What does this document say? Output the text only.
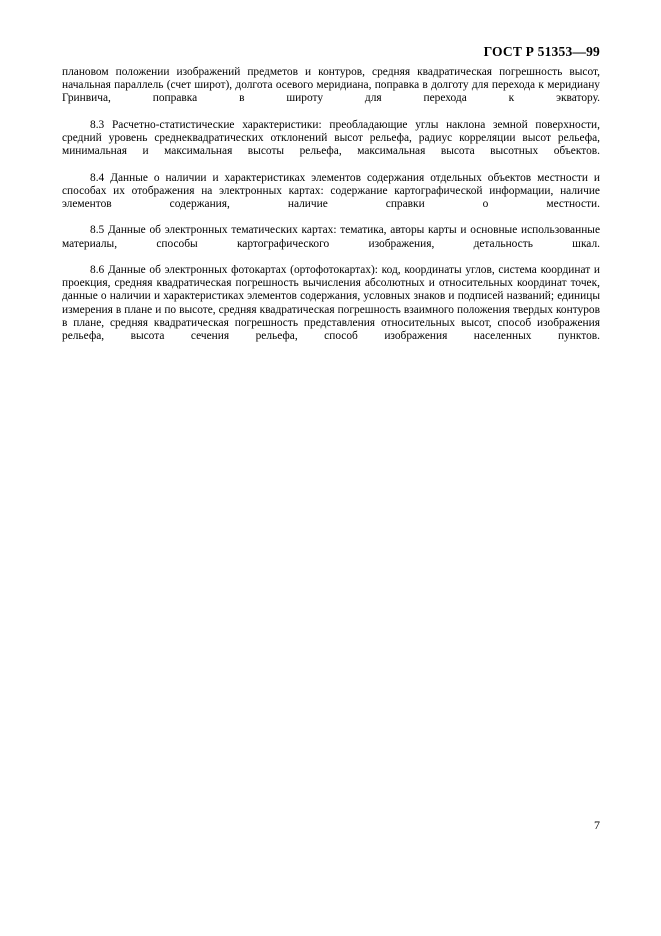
ГОСТ Р 51353—99

плановом положении изображений предметов и контуров, средняя квадратическая погрешность высот, начальная параллель (счет широт), долгота осевого меридиана, поправка в долготу для перехода к меридиану Гринвича, поправка в широту для перехода к экватору.

8.3 Расчетно-статистические характеристики: преобладающие углы наклона земной поверхности, средний уровень среднеквадратических отклонений высот рельефа, радиус корреляции высот рельефа, минимальная и максимальная высоты рельефа, максимальная высота высотных объектов.

8.4 Данные о наличии и характеристиках элементов содержания отдельных объектов местности и способах их отображения на электронных картах: содержание картографической информации, наличие элементов содержания, наличие справки о местности.

8.5 Данные об электронных тематических картах: тематика, авторы карты и основные использованные материалы, способы картографического изображения, детальность шкал.

8.6 Данные об электронных фотокартах (ортофотокартах): код, координаты углов, система координат и проекция, средняя квадратическая погрешность вычисления абсолютных и относительных координат точек, данные о наличии и характеристиках элементов содержания, условных знаков и подписей названий; единицы измерения в плане и по высоте, средняя квадратическая погрешность взаимного положения твердых контуров в плане, средняя квадратическая погрешность представления относительных высот, способ изображения рельефа, высота сечения рельефа, способ изображения населенных пунктов.

7
